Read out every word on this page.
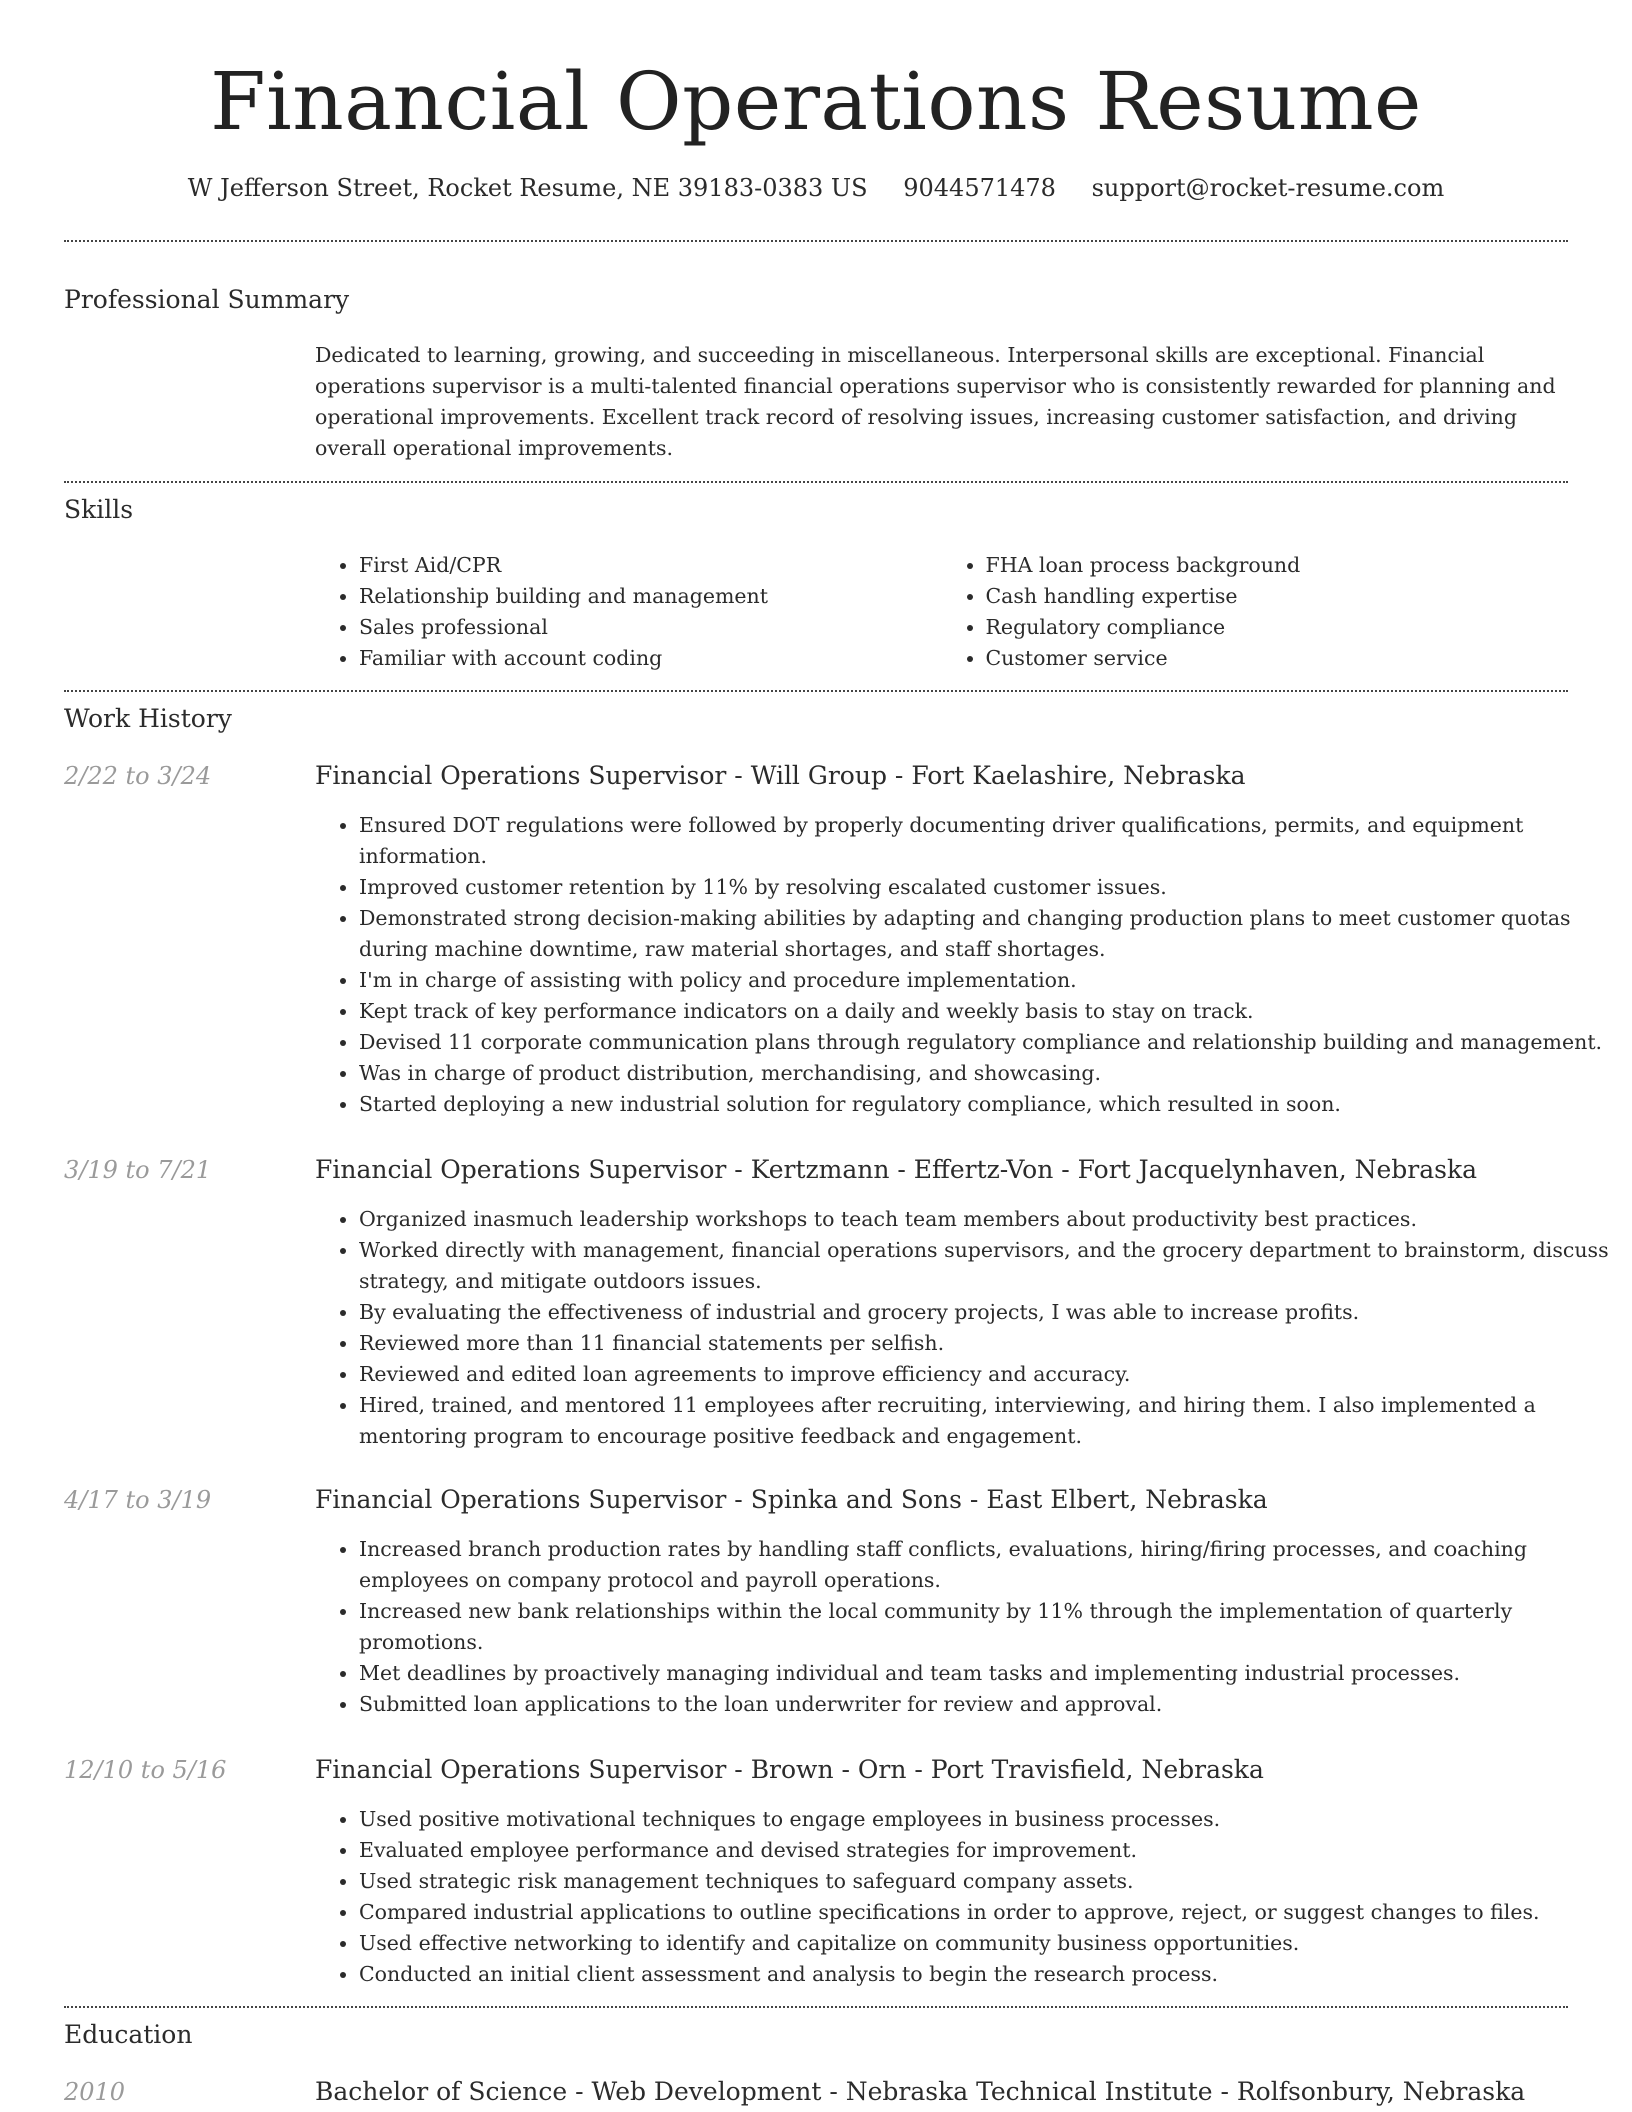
Financial Operations Resume
W Jefferson Street, Rocket Resume, NE 39183-0383 US 9044571478 support@rocket-resume.com
Professional Summary

Dedicated to learning, growing, and succeeding in miscellaneous. Interpersonal skills are exceptional. Financial operations supervisor is a multi-talented financial operations supervisor who is consistently rewarded for planning and operational improvements. Excellent track record of resolving issues, increasing customer satisfaction, and driving overall operational improvements.

Skills
• First Aid/CPR
• Relationship building and management
• Sales professional
• Familiar with account coding
• FHA loan process background
• Cash handling expertise
• Regulatory compliance
• Customer service
Work History
2/22 to 3/24	Financial Operations Supervisor - Will Group - Fort Kaelashire, Nebraska
• Ensured DOT regulations were followed by properly documenting driver qualifications, permits, and equipment information.
• Improved customer retention by 11% by resolving escalated customer issues.
• Demonstrated strong decision-making abilities by adapting and changing production plans to meet customer quotas during machine downtime, raw material shortages, and staff shortages.
• I'm in charge of assisting with policy and procedure implementation.
• Kept track of key performance indicators on a daily and weekly basis to stay on track.
• Devised 11 corporate communication plans through regulatory compliance and relationship building and management.
• Was in charge of product distribution, merchandising, and showcasing.
• Started deploying a new industrial solution for regulatory compliance, which resulted in soon.
3/19 to 7/21	Financial Operations Supervisor - Kertzmann - Effertz-Von - Fort Jacquelynhaven, Nebraska
• Organized inasmuch leadership workshops to teach team members about productivity best practices.
• Worked directly with management, financial operations supervisors, and the grocery department to brainstorm, discuss strategy, and mitigate outdoors issues.
• By evaluating the effectiveness of industrial and grocery projects, I was able to increase profits.
• Reviewed more than 11 financial statements per selfish.
• Reviewed and edited loan agreements to improve efficiency and accuracy.
• Hired, trained, and mentored 11 employees after recruiting, interviewing, and hiring them. I also implemented a mentoring program to encourage positive feedback and engagement.
4/17 to 3/19	Financial Operations Supervisor - Spinka and Sons - East Elbert, Nebraska
• Increased branch production rates by handling staff conflicts, evaluations, hiring/firing processes, and coaching employees on company protocol and payroll operations.
• Increased new bank relationships within the local community by 11% through the implementation of quarterly promotions.
• Met deadlines by proactively managing individual and team tasks and implementing industrial processes.
• Submitted loan applications to the loan underwriter for review and approval.
12/10 to 5/16	Financial Operations Supervisor - Brown - Orn - Port Travisfield, Nebraska
• Used positive motivational techniques to engage employees in business processes.
• Evaluated employee performance and devised strategies for improvement.
• Used strategic risk management techniques to safeguard company assets.
• Compared industrial applications to outline specifications in order to approve, reject, or suggest changes to files.
• Used effective networking to identify and capitalize on community business opportunities.
• Conducted an initial client assessment and analysis to begin the research process.
Education
2010	Bachelor of Science - Web Development - Nebraska Technical Institute - Rolfsonbury, Nebraska
